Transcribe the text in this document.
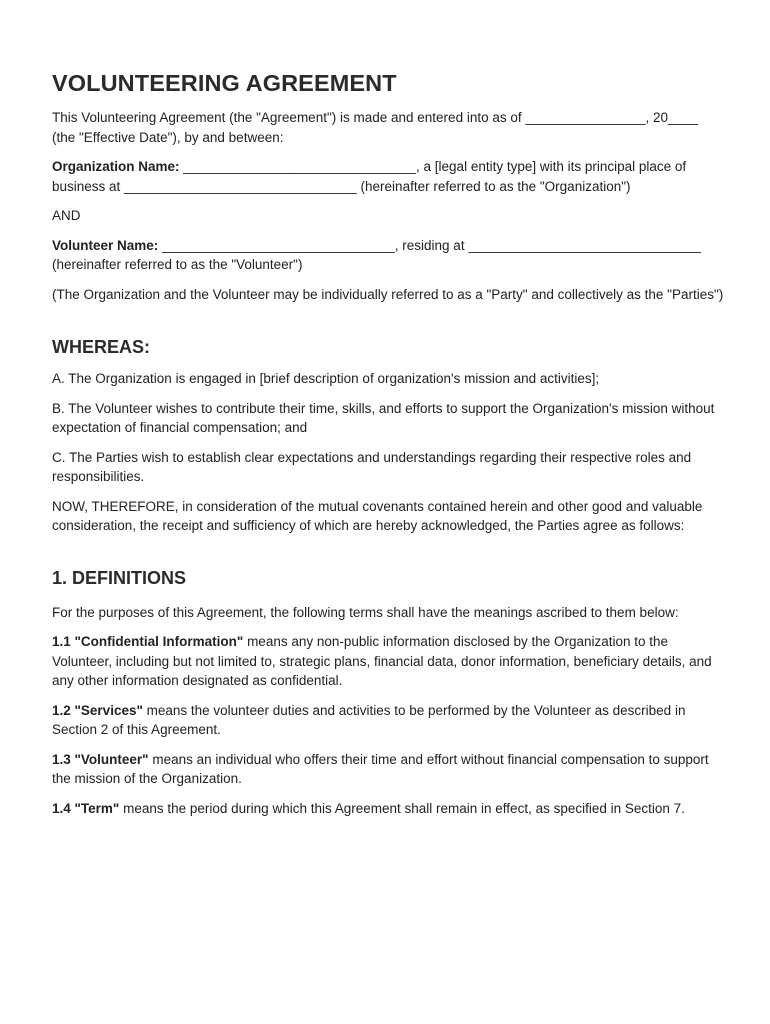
VOLUNTEERING AGREEMENT

This Volunteering Agreement (the "Agreement") is made and entered into as of ________________, 20____ (the "Effective Date"), by and between:

Organization Name: _______________________________, a [legal entity type] with its principal place of business at _______________________________ (hereinafter referred to as the "Organization")

AND

Volunteer Name: _______________________________, residing at _______________________________ (hereinafter referred to as the "Volunteer")

(The Organization and the Volunteer may be individually referred to as a "Party" and collectively as the "Parties")

WHEREAS:

A. The Organization is engaged in [brief description of organization's mission and activities];

B. The Volunteer wishes to contribute their time, skills, and efforts to support the Organization's mission without expectation of financial compensation; and

C. The Parties wish to establish clear expectations and understandings regarding their respective roles and responsibilities.

NOW, THEREFORE, in consideration of the mutual covenants contained herein and other good and valuable consideration, the receipt and sufficiency of which are hereby acknowledged, the Parties agree as follows:

1. DEFINITIONS

For the purposes of this Agreement, the following terms shall have the meanings ascribed to them below:

1.1 "Confidential Information" means any non-public information disclosed by the Organization to the Volunteer, including but not limited to, strategic plans, financial data, donor information, beneficiary details, and any other information designated as confidential.

1.2 "Services" means the volunteer duties and activities to be performed by the Volunteer as described in Section 2 of this Agreement.

1.3 "Volunteer" means an individual who offers their time and effort without financial compensation to support the mission of the Organization.

1.4 "Term" means the period during which this Agreement shall remain in effect, as specified in Section 7.
